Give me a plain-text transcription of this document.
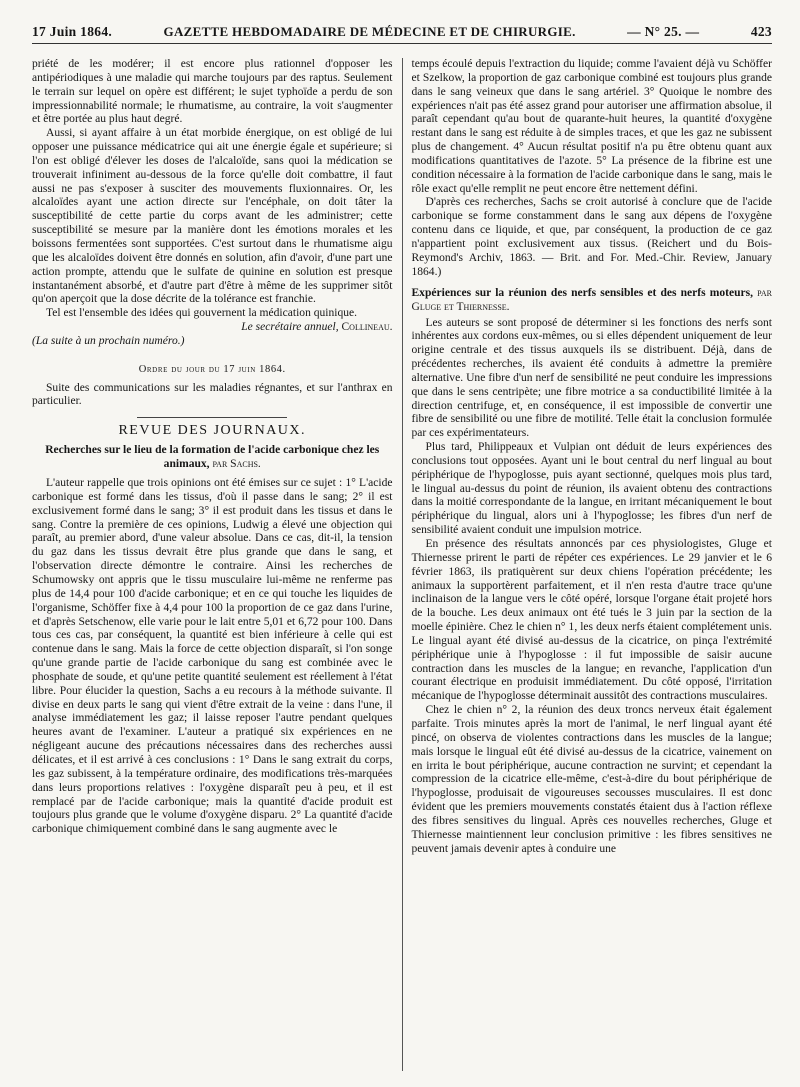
17 Juin 1864.	GAZETTE HEBDOMADAIRE DE MÉDECINE ET DE CHIRURGIE.	— N° 25. —	423

priété de les modérer; il est encore plus rationnel d'opposer les antipériodiques à une maladie qui marche toujours par des raptus. Seulement le terrain sur lequel on opère est différent; le sujet typhoïde a perdu de son impressionnabilité normale; le rhumatisme, au contraire, la voit s'augmenter et être portée au plus haut degré.

Aussi, si ayant affaire à un état morbide énergique, on est obligé de lui opposer une puissance médicatrice qui ait une énergie égale et supérieure; si l'on est obligé d'élever les doses de l'alcaloïde, sans quoi la médication se trouverait infiniment au-dessous de la force qu'elle doit combattre, il faut aussi ne pas s'exposer à susciter des mouvements fluxionnaires. Or, les alcaloïdes ayant une action directe sur l'encéphale, on doit tâter la susceptibilité de cette partie du corps avant de les administrer; cette susceptibilité se mesure par la manière dont les émotions morales et les boissons fermentées sont supportées. C'est surtout dans le rhumatisme aigu que les alcaloïdes doivent être donnés en solution, afin d'avoir, d'une part une action prompte, attendu que le sulfate de quinine en solution est presque instantanément absorbé, et d'autre part d'être à même de les supprimer sitôt qu'on aperçoit que la dose décrite de la tolérance est franchie.

Tel est l'ensemble des idées qui gouvernent la médication quinique.

Le secrétaire annuel, Collineau.

(La suite à un prochain numéro.)

Ordre du jour du 17 juin 1864.

Suite des communications sur les maladies régnantes, et sur l'anthrax en particulier.

REVUE DES JOURNAUX.
Recherches sur le lieu de la formation de l'acide carbonique chez les animaux, par Sachs.

L'auteur rappelle que trois opinions ont été émises sur ce sujet : 1° L'acide carbonique est formé dans les tissus, d'où il passe dans le sang; 2° il est exclusivement formé dans le sang; 3° il est produit dans les tissus et dans le sang. Contre la première de ces opinions, Ludwig a élevé une objection qui paraît, au premier abord, d'une valeur absolue. Dans ce cas, dit-il, la tension du gaz dans les tissus devrait être plus grande que dans le sang, et l'observation directe démontre le contraire. Ainsi les recherches de Schumowsky ont appris que le tissu musculaire lui-même ne renferme pas plus de 14,4 pour 100 d'acide carbonique; et en ce qui touche les liquides de l'organisme, Schöffer fixe à 4,4 pour 100 la proportion de ce gaz dans l'urine, et d'après Setschenow, elle varie pour le lait entre 5,01 et 6,72 pour 100. Dans tous ces cas, par conséquent, la quantité est bien inférieure à celle qui est contenue dans le sang. Mais la force de cette objection disparaît, si l'on songe qu'une grande partie de l'acide carbonique du sang est combinée avec le phosphate de soude, et qu'une petite quantité seulement est réellement à l'état libre. Pour élucider la question, Sachs a eu recours à la méthode suivante. Il divise en deux parts le sang qui vient d'être extrait de la veine : dans l'une, il analyse immédiatement les gaz; il laisse reposer l'autre pendant quelques heures avant de l'examiner. L'auteur a pratiqué six expériences en ne négligeant aucune des précautions nécessaires dans des recherches aussi délicates, et il est arrivé à ces conclusions : 1° Dans le sang extrait du corps, les gaz subissent, à la température ordinaire, des modifications très-marquées dans leurs proportions relatives : l'oxygène disparaît peu à peu, et il est remplacé par de l'acide carbonique; mais la quantité d'acide produit est toujours plus grande que le volume d'oxygène disparu. 2° La quantité d'acide carbonique chimiquement combiné dans le sang augmente avec le

temps écoulé depuis l'extraction du liquide; comme l'avaient déjà vu Schöffer et Szelkow, la proportion de gaz carbonique combiné est toujours plus grande dans le sang veineux que dans le sang artériel. 3° Quoique le nombre des expériences n'ait pas été assez grand pour autoriser une affirmation absolue, il paraît cependant qu'au bout de quarante-huit heures, la quantité d'oxygène restant dans le sang est réduite à de simples traces, et que les gaz ne subissent plus de changement. 4° Aucun résultat positif n'a pu être obtenu quant aux modifications quantitatives de l'azote. 5° La présence de la fibrine est une condition nécessaire à la formation de l'acide carbonique dans le sang, mais le rôle exact qu'elle remplit ne peut encore être nettement défini.

D'après ces recherches, Sachs se croit autorisé à conclure que de l'acide carbonique se forme constamment dans le sang aux dépens de l'oxygène contenu dans ce liquide, et que, par conséquent, la production de ce gaz n'appartient point exclusivement aux tissus. (Reichert und du Bois-Reymond's Archiv, 1863. — Brit. and For. Med.-Chir. Review, January 1864.)

Expériences sur la réunion des nerfs sensibles et des nerfs moteurs, par Gluge et Thiernesse.

Les auteurs se sont proposé de déterminer si les fonctions des nerfs sont inhérentes aux cordons eux-mêmes, ou si elles dépendent uniquement de leur origine centrale et des tissus auxquels ils se distribuent. Déjà, dans de précédentes recherches, ils avaient été conduits à admettre la première alternative. Une fibre d'un nerf de sensibilité ne peut conduire les impressions que dans le sens centripète; une fibre motrice a sa conductibilité limitée à la direction centrifuge, et, en conséquence, il est impossible de convertir une fibre de sensibilité ou une fibre de motilité. Telle était la conclusion formulée par ces expérimentateurs.

Plus tard, Philippeaux et Vulpian ont déduit de leurs expériences des conclusions tout opposées. Ayant uni le bout central du nerf lingual au bout périphérique de l'hypoglosse, puis ayant sectionné, quelques mois plus tard, le lingual au-dessus du point de réunion, ils avaient obtenu des contractions dans la moitié correspondante de la langue, en irritant mécaniquement le bout périphérique du lingual, alors uni à l'hypoglosse; les fibres d'un nerf de sensibilité avaient conduit une impulsion motrice.

En présence des résultats annoncés par ces physiologistes, Gluge et Thiernesse prirent le parti de répéter ces expériences. Le 29 janvier et le 6 février 1863, ils pratiquèrent sur deux chiens l'opération précédente; les animaux la supportèrent parfaitement, et il n'en resta d'autre trace qu'une inclinaison de la langue vers le côté opéré, lorsque l'organe était projeté hors de la bouche. Les deux animaux ont été tués le 3 juin par la section de la moelle épinière. Chez le chien n° 1, les deux nerfs étaient complétement unis. Le lingual ayant été divisé au-dessus de la cicatrice, on pinça l'extrémité périphérique unie à l'hypoglosse : il fut impossible de saisir aucune contraction dans les muscles de la langue; en revanche, l'application d'un courant électrique en produisit immédiatement. Du côté opposé, l'irritation mécanique de l'hypoglosse déterminait aussitôt des contractions musculaires.

Chez le chien n° 2, la réunion des deux troncs nerveux était également parfaite. Trois minutes après la mort de l'animal, le nerf lingual ayant été pincé, on observa de violentes contractions dans les muscles de la langue; mais lorsque le lingual eût été divisé au-dessus de la cicatrice, vainement on en irrita le bout périphérique, aucune contraction ne survint; et cependant la compression de la cicatrice elle-même, c'est-à-dire du bout périphérique de l'hypoglosse, produisait de vigoureuses secousses musculaires. Il est donc évident que les premiers mouvements constatés étaient dus à l'action réflexe des fibres sensitives du lingual. Après ces nouvelles recherches, Gluge et Thiernesse maintiennent leur conclusion primitive : les fibres sensitives ne peuvent jamais devenir aptes à conduire une
